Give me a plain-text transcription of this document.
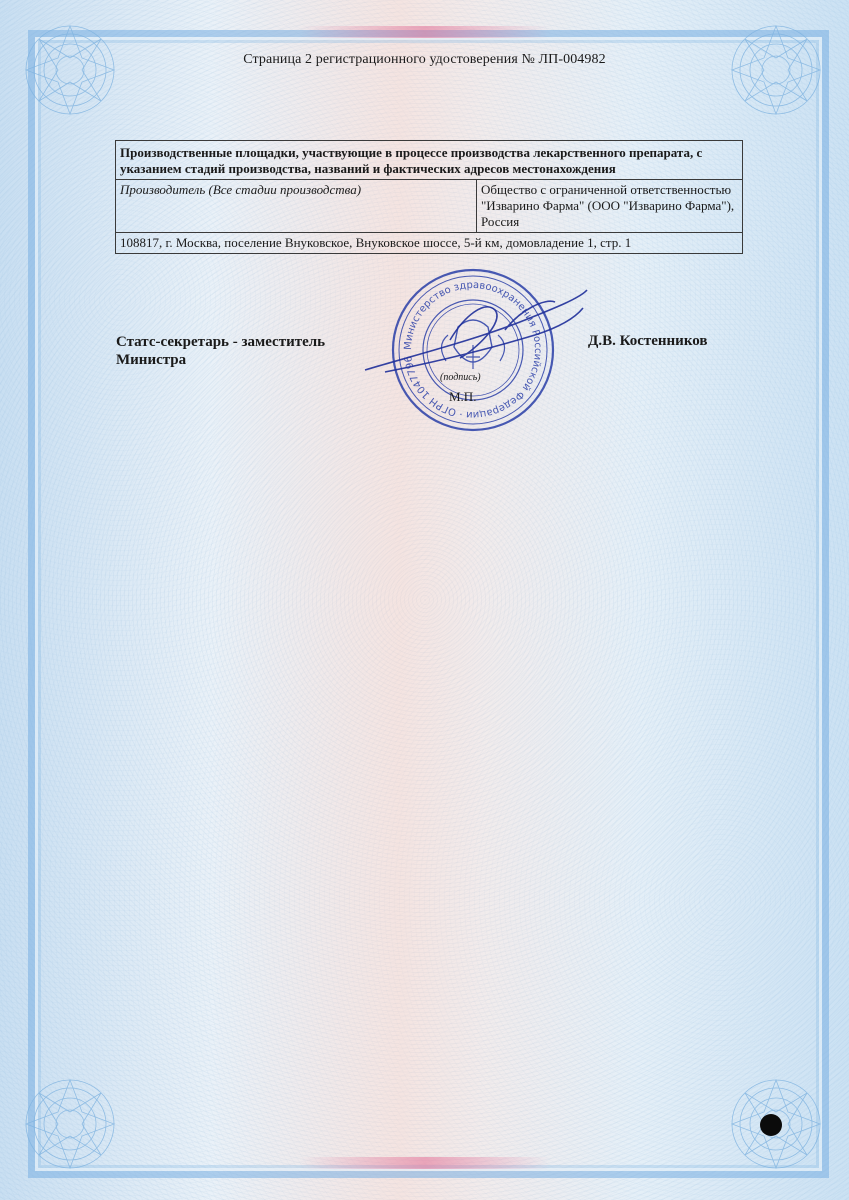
Страница 2 регистрационного удостоверения № ЛП-004982
Производственные площадки, участвующие в процессе производства лекарственного препарата, с указанием стадий производства, названий и фактических адресов местонахождения
Производитель (Все стадии производства)	Общество с ограниченной ответственностью "Изварино Фарма" (ООО "Изварино Фарма"), Россия
108817, г. Москва, поселение Внуковское, Внуковское шоссе, 5-й км, домовладение 1, стр. 1
Статс-секретарь - заместитель Министра
Д.В. Костенников
Министерство здравоохранения Российской Федерации · ОГРН 1047796
(подпись)
М.П.
